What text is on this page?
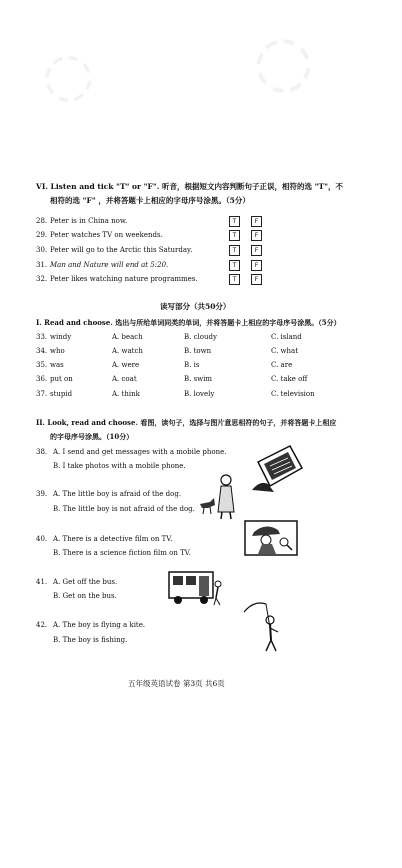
◌ ◌
VI. Listen and tick "T" or "F". 听音，根据短文内容判断句子正误，相符的选 "T"，不
相符的选 "F" ，并将答题卡上相应的字母序号涂黑。（5分）
28. Peter is in China now.	T	F
29. Peter watches TV on weekends.	T	F
30. Peter will go to the Arctic this Saturday.	T	F
31. Man and Nature will end at 5:20.	T	F
32. Peter likes watching nature programmes.	T	F
读写部分（共50分）
I. Read and choose. 选出与所给单词同类的单词，并将答题卡上相应的字母序号涂黑。（5分）
33. windy	A. beach	B. cloudy	C. island
34. who	A. watch	B. town	C. what
35. was	A. were	B. is	C. are
36. put on	A. coat	B. swim	C. take off
37. stupid	A. think	B. lovely	C. television
II. Look, read and choose. 看图，读句子，选择与图片意思相符的句子，并将答题卡上相应
的字母序号涂黑。（10分）
38. A. I send and get messages with a mobile phone.
B. I take photos with a mobile phone.
39. A. The little boy is afraid of the dog.
B. The little boy is not afraid of the dog.
40. A. There is a detective film on TV.
B. There is a science fiction film on TV.
41. A. Get off the bus.
B. Get on the bus.
42. A. The boy is flying a kite.
B. The boy is fishing.
五年级英语试卷 第3页 共6页
